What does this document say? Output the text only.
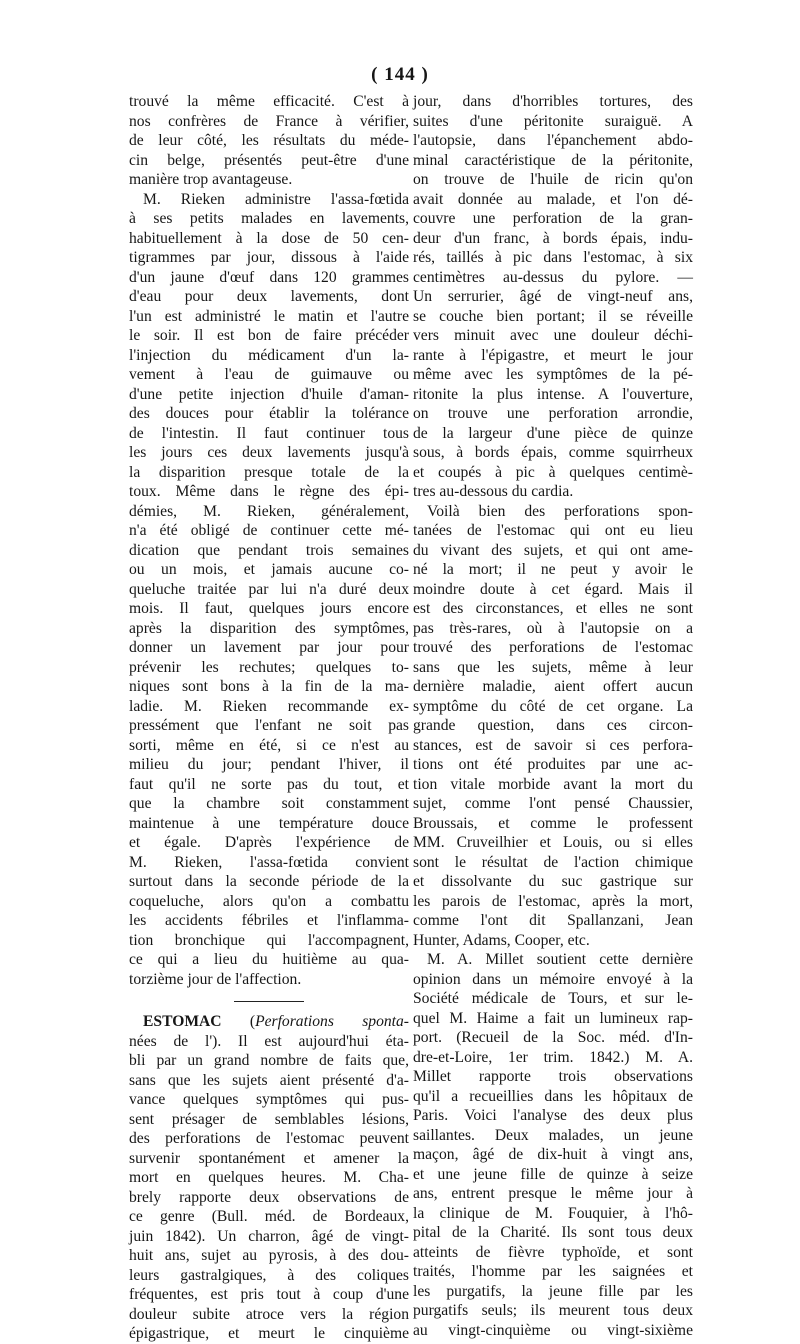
( 144 )
trouvé la même efficacité. C'est à
nos confrères de France à vérifier,
de leur côté, les résultats du méde-
cin belge, présentés peut-être d'une
manière trop avantageuse.
M. Rieken administre l'assa-fœtida
à ses petits malades en lavements,
habituellement à la dose de 50 cen-
tigrammes par jour, dissous à l'aide
d'un jaune d'œuf dans 120 grammes
d'eau pour deux lavements, dont
l'un est administré le matin et l'autre
le soir. Il est bon de faire précéder
l'injection du médicament d'un la-
vement à l'eau de guimauve ou
d'une petite injection d'huile d'aman-
des douces pour établir la tolérance
de l'intestin. Il faut continuer tous
les jours ces deux lavements jusqu'à
la disparition presque totale de la
toux. Même dans le règne des épi-
démies, M. Rieken, généralement,
n'a été obligé de continuer cette mé-
dication que pendant trois semaines
ou un mois, et jamais aucune co-
queluche traitée par lui n'a duré deux
mois. Il faut, quelques jours encore
après la disparition des symptômes,
donner un lavement par jour pour
prévenir les rechutes; quelques to-
niques sont bons à la fin de la ma-
ladie. M. Rieken recommande ex-
pressément que l'enfant ne soit pas
sorti, même en été, si ce n'est au
milieu du jour; pendant l'hiver, il
faut qu'il ne sorte pas du tout, et
que la chambre soit constamment
maintenue à une température douce
et égale. D'après l'expérience de
M. Rieken, l'assa-fœtida convient
surtout dans la seconde période de la
coqueluche, alors qu'on a combattu
les accidents fébriles et l'inflamma-
tion bronchique qui l'accompagnent,
ce qui a lieu du huitième au qua-
torzième jour de l'affection.
ESTOMAC (Perforations sponta-
nées de l'). Il est aujourd'hui éta-
bli par un grand nombre de faits que,
sans que les sujets aient présenté d'a-
vance quelques symptômes qui pus-
sent présager de semblables lésions,
des perforations de l'estomac peuvent
survenir spontanément et amener la
mort en quelques heures. M. Cha-
brely rapporte deux observations de
ce genre (Bull. méd. de Bordeaux,
juin 1842). Un charron, âgé de vingt-
huit ans, sujet au pyrosis, à des dou-
leurs gastralgiques, à des coliques
fréquentes, est pris tout à coup d'une
douleur subite atroce vers la région
épigastrique, et meurt le cinquième
jour, dans d'horribles tortures, des
suites d'une péritonite suraiguë. A
l'autopsie, dans l'épanchement abdo-
minal caractéristique de la péritonite,
on trouve de l'huile de ricin qu'on
avait donnée au malade, et l'on dé-
couvre une perforation de la gran-
deur d'un franc, à bords épais, indu-
rés, taillés à pic dans l'estomac, à six
centimètres au-dessus du pylore. —
Un serrurier, âgé de vingt-neuf ans,
se couche bien portant; il se réveille
vers minuit avec une douleur déchi-
rante à l'épigastre, et meurt le jour
même avec les symptômes de la pé-
ritonite la plus intense. A l'ouverture,
on trouve une perforation arrondie,
de la largeur d'une pièce de quinze
sous, à bords épais, comme squirrheux
et coupés à pic à quelques centimè-
tres au-dessous du cardia.
Voilà bien des perforations spon-
tanées de l'estomac qui ont eu lieu
du vivant des sujets, et qui ont ame-
né la mort; il ne peut y avoir le
moindre doute à cet égard. Mais il
est des circonstances, et elles ne sont
pas très-rares, où à l'autopsie on a
trouvé des perforations de l'estomac
sans que les sujets, même à leur
dernière maladie, aient offert aucun
symptôme du côté de cet organe. La
grande question, dans ces circon-
stances, est de savoir si ces perfora-
tions ont été produites par une ac-
tion vitale morbide avant la mort du
sujet, comme l'ont pensé Chaussier,
Broussais, et comme le professent
MM. Cruveilhier et Louis, ou si elles
sont le résultat de l'action chimique
et dissolvante du suc gastrique sur
les parois de l'estomac, après la mort,
comme l'ont dit Spallanzani, Jean
Hunter, Adams, Cooper, etc.
M. A. Millet soutient cette dernière
opinion dans un mémoire envoyé à la
Société médicale de Tours, et sur le-
quel M. Haime a fait un lumineux rap-
port. (Recueil de la Soc. méd. d'In-
dre-et-Loire, 1er trim. 1842.) M. A.
Millet rapporte trois observations
qu'il a recueillies dans les hôpitaux de
Paris. Voici l'analyse des deux plus
saillantes. Deux malades, un jeune
maçon, âgé de dix-huit à vingt ans,
et une jeune fille de quinze à seize
ans, entrent presque le même jour à
la clinique de M. Fouquier, à l'hô-
pital de la Charité. Ils sont tous deux
atteints de fièvre typhoïde, et sont
traités, l'homme par les saignées et
les purgatifs, la jeune fille par les
purgatifs seuls; ils meurent tous deux
au vingt-cinquième ou vingt-sixième
